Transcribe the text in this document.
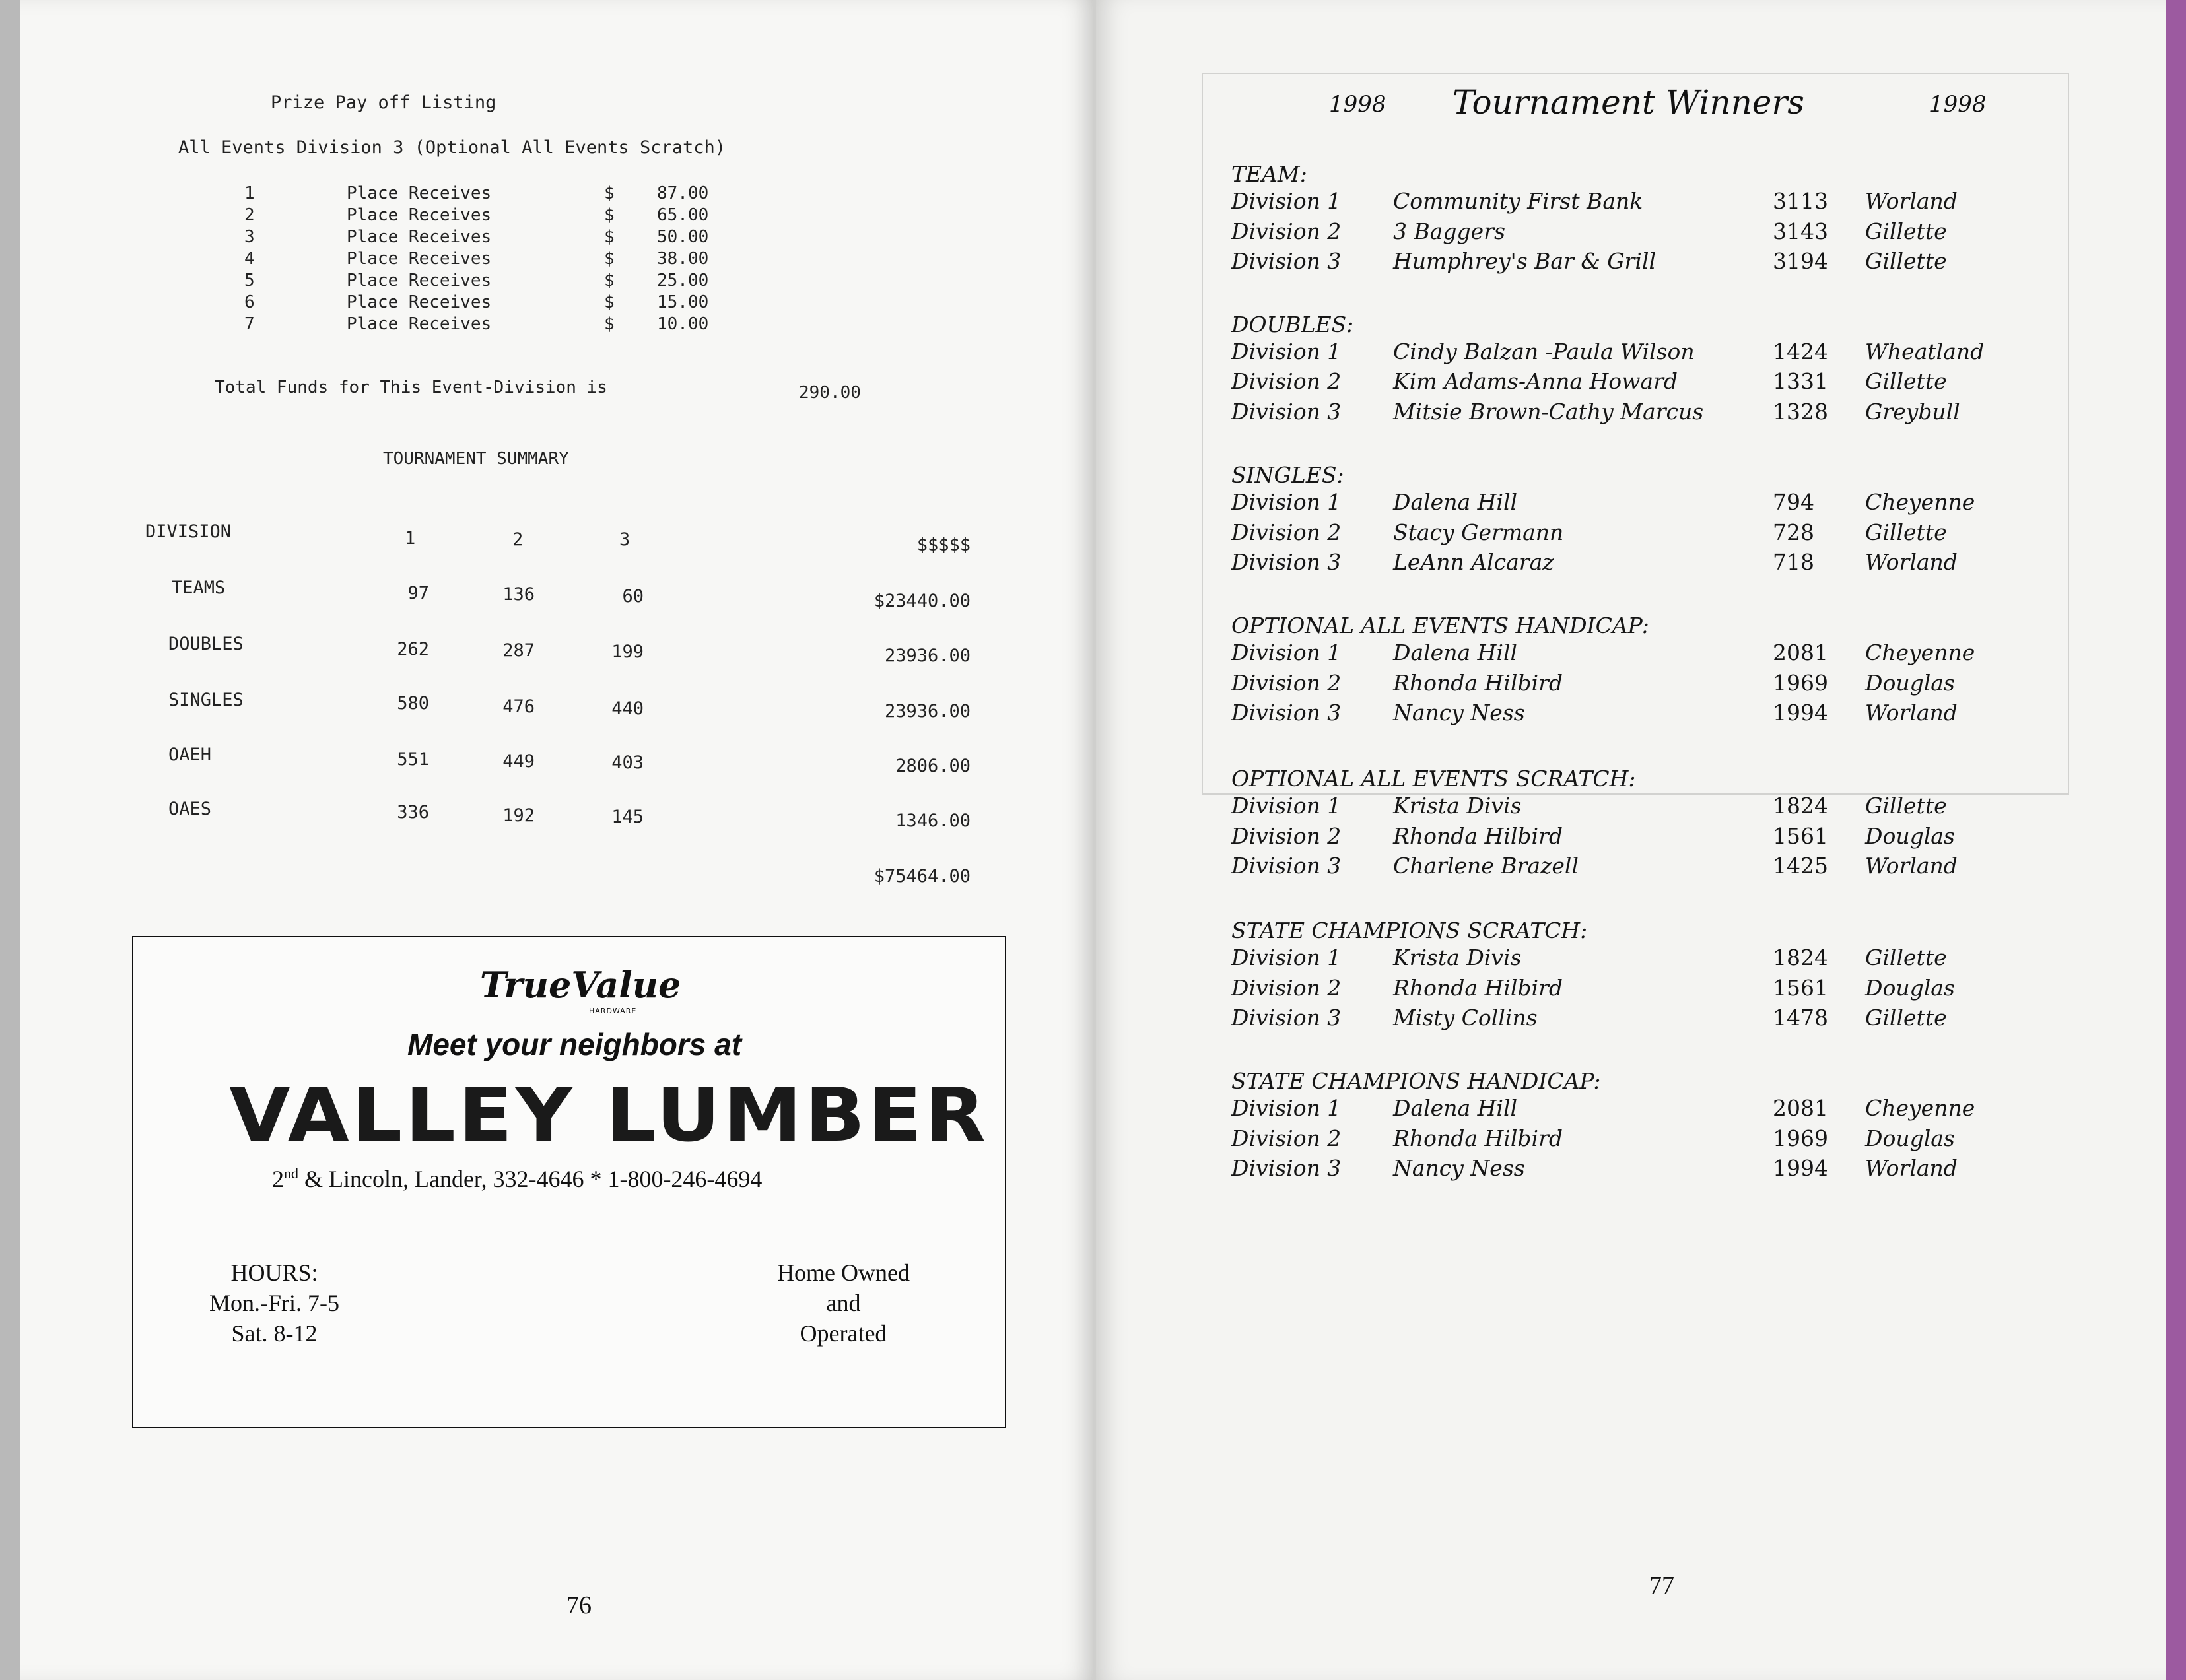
Prize Pay off Listing
All Events Division 3 (Optional All Events Scratch)
1	Place Receives	$ 87.00
2	Place Receives	$ 65.00
3	Place Receives	$ 50.00
4	Place Receives	$ 38.00
5	Place Receives	$ 25.00
6	Place Receives	$ 15.00
7	Place Receives	$ 10.00
Total Funds for This Event-Division is	290.00
TOURNAMENT SUMMARY
DIVISION	1	2	3	$$$$$
TEAMS	97	136	60	$23440.00
DOUBLES	262	287	199	23936.00
SINGLES	580	476	440	23936.00
OAEH	551	449	403	2806.00
OAES	336	192	145	1346.00
$75464.00
TrueValue
HARDWARE
Meet your neighbors at
VALLEY LUMBER
2nd & Lincoln, Lander, 332-4646 * 1-800-246-4694
HOURS:
Mon.-Fri. 7-5
Sat. 8-12
Home Owned
and
Operated
76
1998 Tournament Winners	1998
TEAM:
Division 1 Community First Bank	3113 Worland
Division 2 3 Baggers	3143 Gillette
Division 3 Humphrey's Bar & Grill	3194 Gillette
DOUBLES:
Division 1 Cindy Balzan -Paula Wilson	1424 Wheatland
Division 2 Kim Adams-Anna Howard	1331 Gillette
Division 3 Mitsie Brown-Cathy Marcus	1328 Greybull
SINGLES:
Division 1 Dalena Hill	794 Cheyenne
Division 2 Stacy Germann	728 Gillette
Division 3 LeAnn Alcaraz	718 Worland
OPTIONAL ALL EVENTS HANDICAP:
Division 1 Dalena Hill	2081 Cheyenne
Division 2 Rhonda Hilbird	1969 Douglas
Division 3 Nancy Ness	1994 Worland
OPTIONAL ALL EVENTS SCRATCH:
Division 1 Krista Divis	1824 Gillette
Division 2 Rhonda Hilbird	1561 Douglas
Division 3 Charlene Brazell	1425 Worland
STATE CHAMPIONS SCRATCH:
Division 1 Krista Divis	1824 Gillette
Division 2 Rhonda Hilbird	1561 Douglas
Division 3 Misty Collins	1478 Gillette
STATE CHAMPIONS HANDICAP:
Division 1 Dalena Hill	2081 Cheyenne
Division 2 Rhonda Hilbird	1969 Douglas
Division 3 Nancy Ness	1994 Worland
77
